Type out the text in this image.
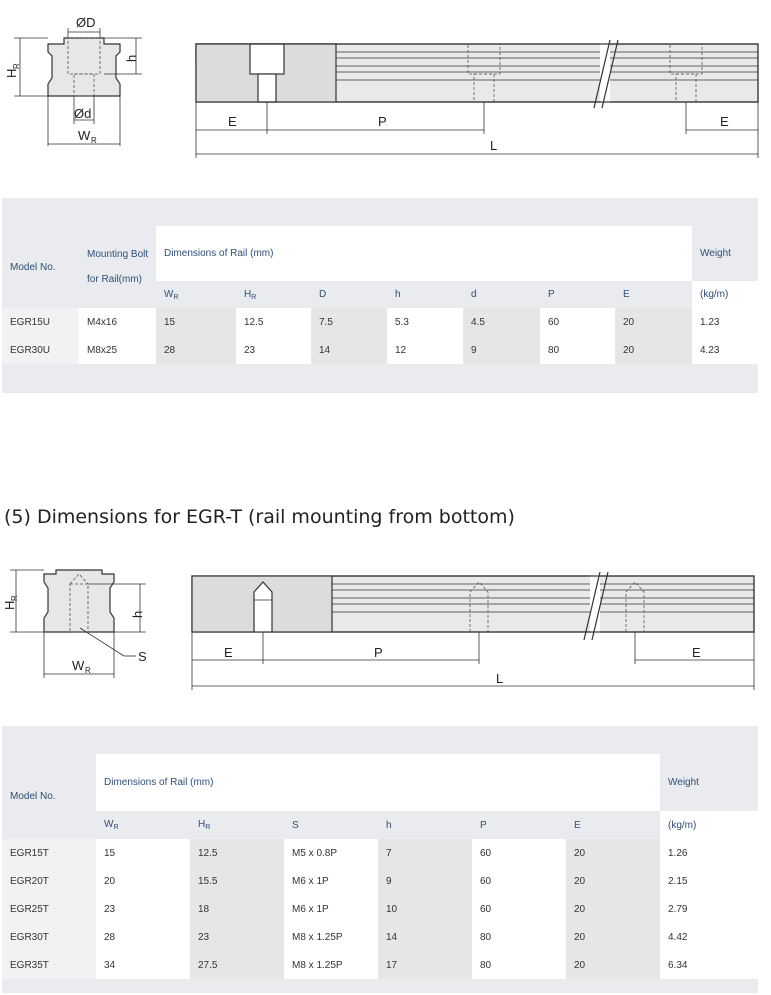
ØD
h
H
R
Ød
W R
E	P	E
L

Model No.	Mounting Bolt
for Rail(mm)	Dimensions of Rail (mm)							Weight
		$W_R$	$H_R$	D	h	d	P	E	(kg/m)
EGR15U	M4x16	15	12.5	7.5	5.3	4.5	60	20	1.23
EGR30U	M8x25	28	23	14	12	9	80	20	4.23

(5) Dimensions for EGR-T (rail mounting from bottom)
H
R
h
S
W R
E	P	E
L

Model No.	Dimensions of Rail (mm)						Weight
	$W_R$	$H_R$	S	h	P	E	(kg/m)
EGR15T	15	12.5	M5 x 0.8P	7	60	20	1.26
EGR20T	20	15.5	M6 x 1P	9	60	20	2.15
EGR25T	23	18	M6 x 1P	10	60	20	2.79
EGR30T	28	23	M8 x 1.25P	14	80	20	4.42
EGR35T	34	27.5	M8 x 1.25P	17	80	20	6.34
